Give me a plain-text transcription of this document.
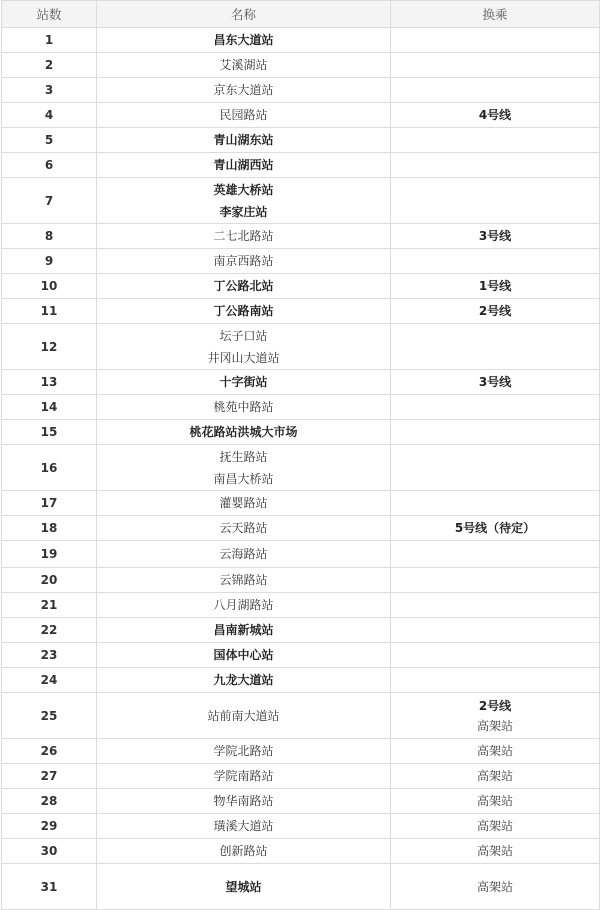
站数	名称	换乘
1	昌东大道站	

2	艾溪湖站	

3	京东大道站	

4	民园路站	4号线

5	青山湖东站	

6	青山湖西站	

7	英雄大桥站
李家庄站	

8	二七北路站	3号线

9	南京西路站	

10	丁公路北站	1号线

11	丁公路南站	2号线

12	坛子口站
井冈山大道站	

13	十字街站	3号线

14	桃苑中路站	

15	桃花路站洪城大市场	

16	抚生路站
南昌大桥站	

17	灌婴路站	

18	云天路站	5号线（待定）

19	云海路站	

20	云锦路站	

21	八月湖路站	

22	昌南新城站	

23	国体中心站	

24	九龙大道站	

25	站前南大道站	2号线
高架站

26	学院北路站	高架站

27	学院南路站	高架站

28	物华南路站	高架站

29	璜溪大道站	高架站

30	创新路站	高架站

31	望城站	高架站
